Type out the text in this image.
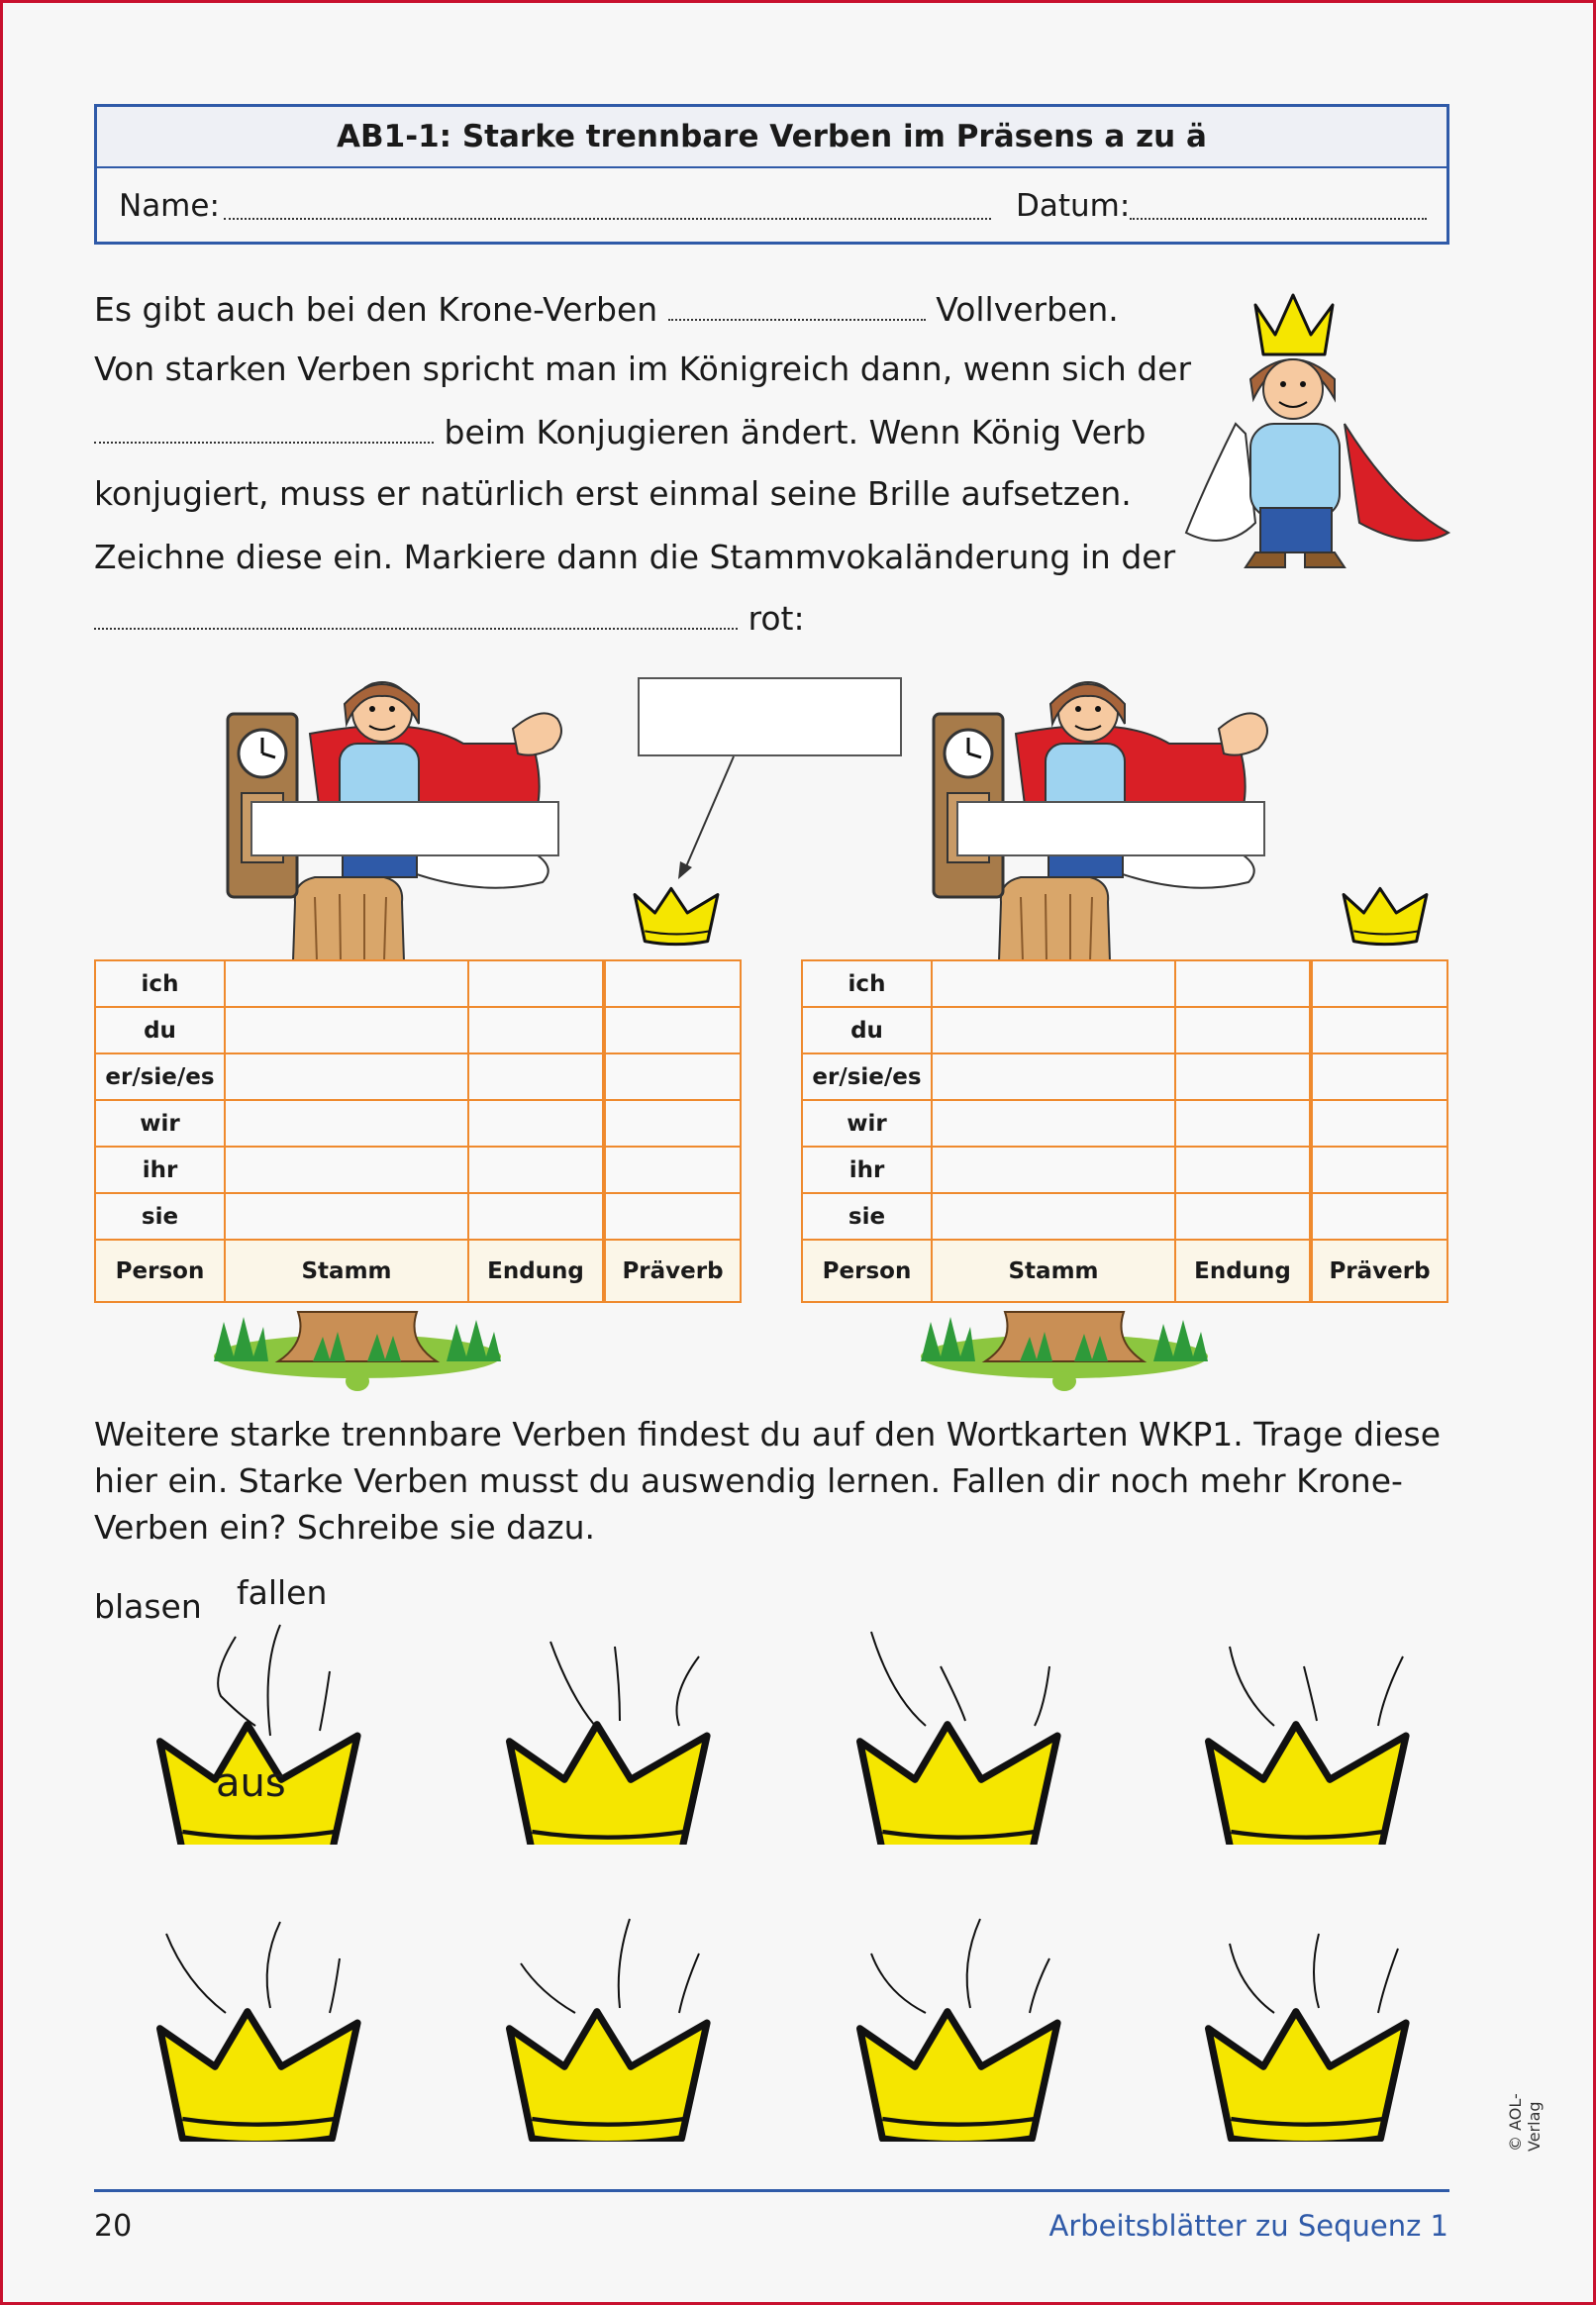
AB1-1: Starke trennbare Verben im Präsens a zu ä
Name:	Datum:
Es gibt auch bei den Krone-Verben	Vollverben.
Von starken Verben spricht man im Königreich dann, wenn sich der
beim Konjugieren ändert. Wenn König Verb
konjugiert, muss er natürlich erst einmal seine Brille aufsetzen.
Zeichne diese ein. Markiere dann die Stammvokaländerung in der
rot:
ich			
du			
er/sie/es			
wir			
ihr			
sie			
Person	Stamm	Endung	Präverb
ich			
du			
er/sie/es			
wir			
ihr			
sie			
Person	Stamm	Endung	Präverb
Weitere starke trennbare Verben findest du auf den Wortkarten WKP1. Trage diese
hier ein. Starke Verben musst du auswendig lernen. Fallen dir noch mehr Krone-
Verben ein? Schreibe sie dazu.
blasen fallen
aus
© AOL-Verlag
20	Arbeitsblätter zu Sequenz 1
